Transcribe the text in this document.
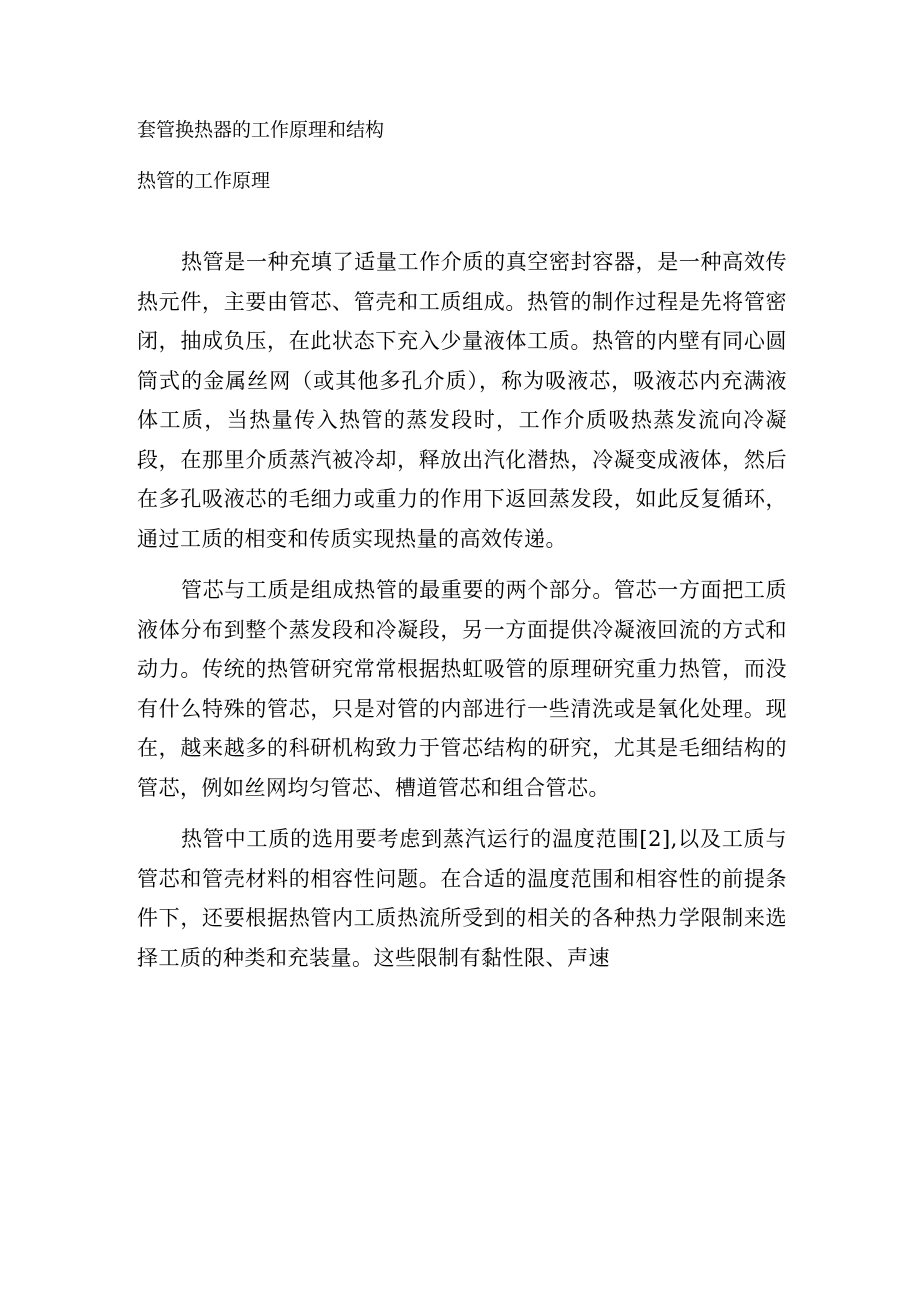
套管换热器的工作原理和结构
热管的工作原理

热管是一种充填了适量工作介质的真空密封容器，是一种高效传热元件，主要由管芯、管壳和工质组成。热管的制作过程是先将管密闭，抽成负压，在此状态下充入少量液体工质。热管的内壁有同心圆筒式的金属丝网（或其他多孔介质），称为吸液芯，吸液芯内充满液体工质，当热量传入热管的蒸发段时，工作介质吸热蒸发流向冷凝段，在那里介质蒸汽被冷却，释放出汽化潜热，冷凝变成液体，然后在多孔吸液芯的毛细力或重力的作用下返回蒸发段，如此反复循环，通过工质的相变和传质实现热量的高效传递。

管芯与工质是组成热管的最重要的两个部分。管芯一方面把工质液体分布到整个蒸发段和冷凝段，另一方面提供冷凝液回流的方式和动力。传统的热管研究常常根据热虹吸管的原理研究重力热管，而没有什么特殊的管芯，只是对管的内部进行一些清洗或是氧化处理。现在，越来越多的科研机构致力于管芯结构的研究，尤其是毛细结构的管芯，例如丝网均匀管芯、槽道管芯和组合管芯。

热管中工质的选用要考虑到蒸汽运行的温度范围[2],以及工质与管芯和管壳材料的相容性问题。在合适的温度范围和相容性的前提条件下，还要根据热管内工质热流所受到的相关的各种热力学限制来选择工质的种类和充装量。这些限制有黏性限、声速
